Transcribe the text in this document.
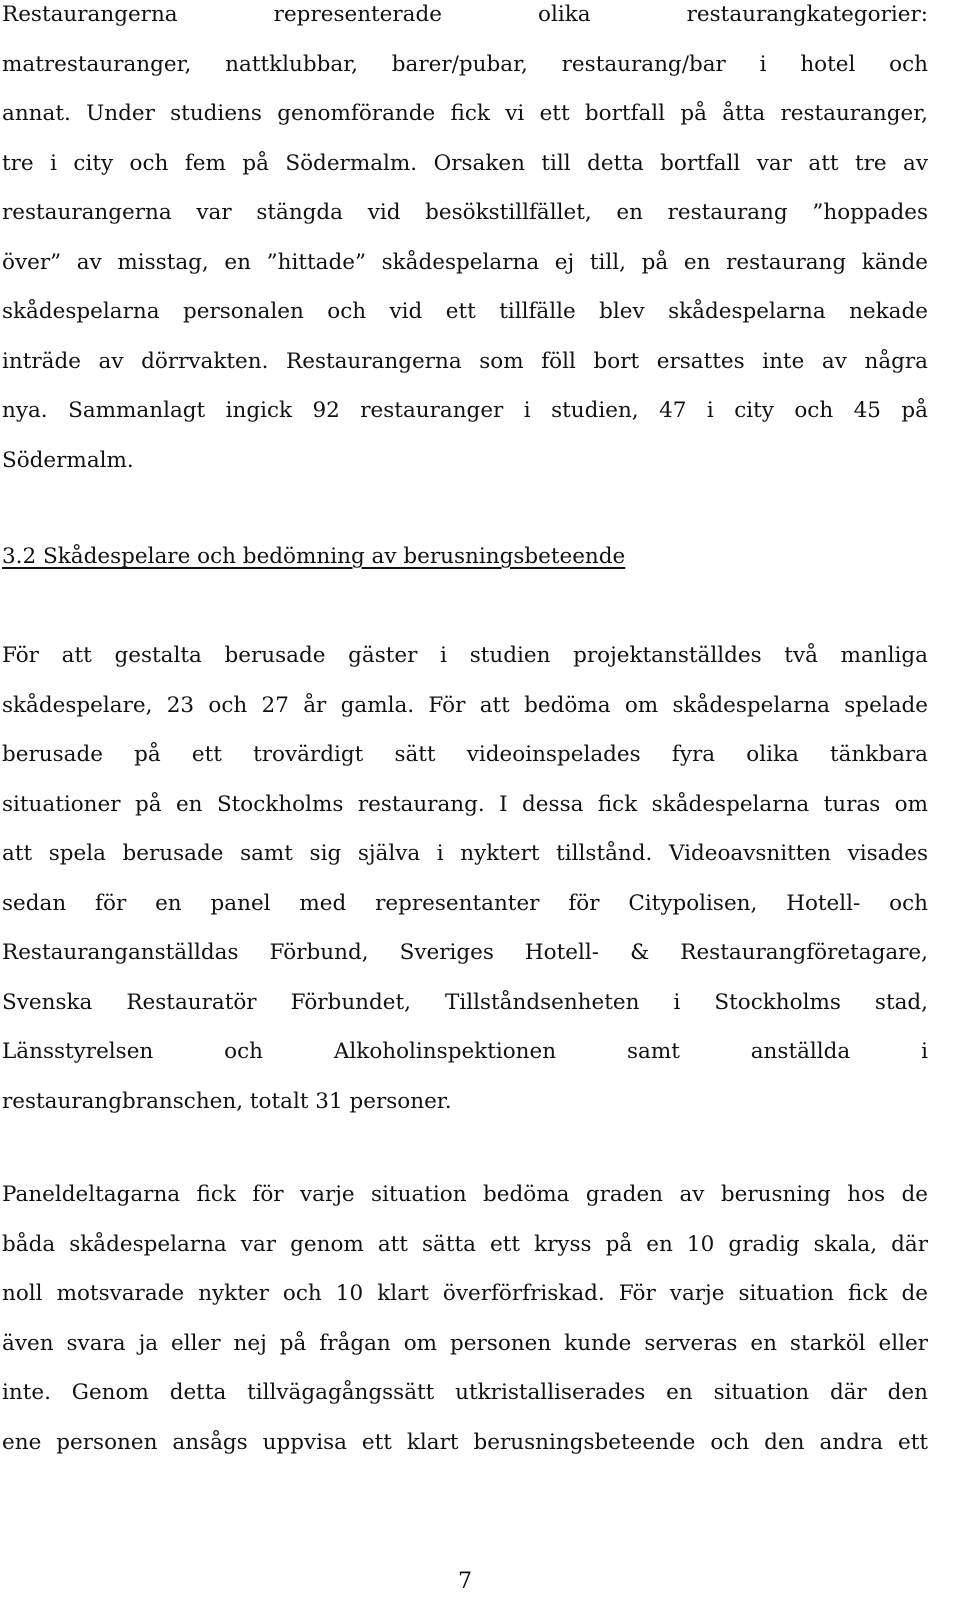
Restaurangerna representerade olika restaurangkategorier:
matrestauranger, nattklubbar, barer/pubar, restaurang/bar i hotel och
annat. Under studiens genomförande fick vi ett bortfall på åtta restauranger,
tre i city och fem på Södermalm. Orsaken till detta bortfall var att tre av
restaurangerna var stängda vid besökstillfället, en restaurang ”hoppades
över” av misstag, en ”hittade” skådespelarna ej till, på en restaurang kände
skådespelarna personalen och vid ett tillfälle blev skådespelarna nekade
inträde av dörrvakten. Restaurangerna som föll bort ersattes inte av några
nya. Sammanlagt ingick 92 restauranger i studien, 47 i city och 45 på
Södermalm.
3.2 Skådespelare och bedömning av berusningsbeteende
För att gestalta berusade gäster i studien projektanställdes två manliga
skådespelare, 23 och 27 år gamla. För att bedöma om skådespelarna spelade
berusade på ett trovärdigt sätt videoinspelades fyra olika tänkbara
situationer på en Stockholms restaurang. I dessa fick skådespelarna turas om
att spela berusade samt sig själva i nyktert tillstånd. Videoavsnitten visades
sedan för en panel med representanter för Citypolisen, Hotell- och
Restauranganställdas Förbund, Sveriges Hotell- & Restaurangföretagare,
Svenska Restauratör Förbundet, Tillståndsenheten i Stockholms stad,
Länsstyrelsen och Alkoholinspektionen samt anställda i
restaurangbranschen, totalt 31 personer.
Paneldeltagarna fick för varje situation bedöma graden av berusning hos de
båda skådespelarna var genom att sätta ett kryss på en 10 gradig skala, där
noll motsvarade nykter och 10 klart överförfriskad. För varje situation fick de
även svara ja eller nej på frågan om personen kunde serveras en starköl eller
inte. Genom detta tillvägagångssätt utkristalliserades en situation där den
ene personen ansågs uppvisa ett klart berusningsbeteende och den andra ett
7
